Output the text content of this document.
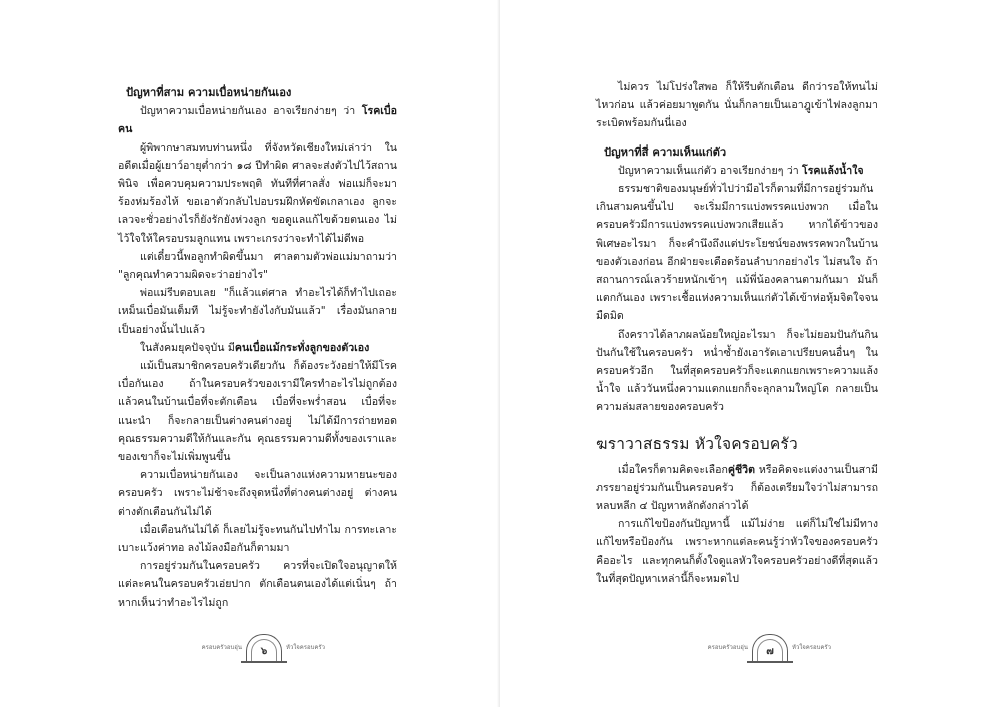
ปัญหาที่สาม ความเบื่อหน่ายกันเอง

ปัญหาความเบื่อหน่ายกันเอง อาจเรียกง่ายๆ ว่า โรคเบื่อคน

ผู้พิพากษาสมทบท่านหนึ่ง ที่จังหวัดเชียงใหม่เล่าว่า ในอดีตเมื่อผู้เยาว์อายุต่ำกว่า ๑๘ ปีทำผิด ศาลจะส่งตัวไปไว้สถานพินิจ เพื่อควบคุมความประพฤติ ทันทีที่ศาลสั่ง พ่อแม่ก็จะมาร้องห่มร้องไห้ ขอเอาตัวกลับไปอบรมฝึกหัดขัดเกลาเอง ลูกจะเลวจะชั่วอย่างไรก็ยังรักยังห่วงลูก ขอดูแลแก้ไขด้วยตนเอง ไม่ไว้ใจให้ใครอบรมลูกแทน เพราะเกรงว่าจะทำได้ไม่ดีพอ

แต่เดี๋ยวนี้พอลูกทำผิดขึ้นมา ศาลตามตัวพ่อแม่มาถามว่า "ลูกคุณทำความผิดจะว่าอย่างไร"

พ่อแม่รีบตอบเลย "ก็แล้วแต่ศาล ทำอะไรได้ก็ทำไปเถอะ เหม็นเบื่อมันเต็มที ไม่รู้จะทำยังไงกับมันแล้ว" เรื่องมันกลายเป็นอย่างนั้นไปแล้ว

ในสังคมยุคปัจจุบัน มีคนเบื่อแม้กระทั่งลูกของตัวเอง

แม้เป็นสมาชิกครอบครัวเดียวกัน ก็ต้องระวังอย่าให้มีโรคเบื่อกันเอง ถ้าในครอบครัวของเรามีใครทำอะไรไม่ถูกต้อง แล้วคนในบ้านเบื่อที่จะตักเตือน เบื่อที่จะพร่ำสอน เบื่อที่จะแนะนำ ก็จะกลายเป็นต่างคนต่างอยู่ ไม่ได้มีการถ่ายทอดคุณธรรมความดีให้กันและกัน คุณธรรมความดีทั้งของเราและของเขาก็จะไม่เพิ่มพูนขึ้น

ความเบื่อหน่ายกันเอง จะเป็นลางแห่งความหายนะของครอบครัว เพราะไม่ช้าจะถึงจุดหนึ่งที่ต่างคนต่างอยู่ ต่างคนต่างตักเตือนกันไม่ได้

เมื่อเตือนกันไม่ได้ ก็เลยไม่รู้จะทนกันไปทำไม การทะเลาะเบาะแว้งค่าทอ ลงไม้ลงมือกันก็ตามมา

การอยู่ร่วมกันในครอบครัว ควรที่จะเปิดใจอนุญาตให้แต่ละคนในครอบครัวเอ่ยปาก ตักเตือนตนเองได้แต่เนิ่นๆ ถ้าหากเห็นว่าทำอะไรไม่ถูก

ครอบครัวอบอุ่น	๖	หัวใจครอบครัว

ไม่ควร ไม่โปร่งใสพอ ก็ให้รีบตักเตือน ดีกว่ารอให้ทนไม่ไหวก่อน แล้วค่อยมาพูดกัน นั่นก็กลายเป็นเอาฎูเข้าไฟลงลูกมาระเบิดพร้อมกันนี่เอง

ปัญหาที่สี่ ความเห็นแก่ตัว

ปัญหาความเห็นแก่ตัว อาจเรียกง่ายๆ ว่า โรคแล้งน้ำใจ

ธรรมชาติของมนุษย์ทั่วไปว่ามีอไรก็ตามที่มีการอยู่ร่วมกันเกินสามคนขึ้นไป จะเริ่มมีการแบ่งพรรคแบ่งพวก เมื่อในครอบครัวมีการแบ่งพรรคแบ่งพวกเสียแล้ว หากได้ข้าวของพิเศษอะไรมา ก็จะคำนึงถึงแต่ประโยชน์ของพรรคพวกในบ้านของตัวเองก่อน อีกฝ่ายจะเดือดร้อนลำบากอย่างไร ไม่สนใจ ถ้าสถานการณ์เลวร้ายหนักเข้าๆ แม้พี่น้องคลานตามกันมา มันก็แตกกันเอง เพราะเชื้อแห่งความเห็นแก่ตัวได้เข้าห่อหุ้มจิตใจจนมืดมิด

ถึงคราวได้ลาภผลน้อยใหญ่อะไรมา ก็จะไม่ยอมปันกันกินปันกันใช้ในครอบครัว หน่ำซ้ำยังเอารัดเอาเปรียบคนอื่นๆ ในครอบครัวอีก ในที่สุดครอบครัวก็จะแตกแยกเพราะความแล้งน้ำใจ แล้ววันหนึ่งความแตกแยกก็จะลุกลามใหญ่โต กลายเป็นความล่มสลายของครอบครัว

ฆราวาสธรรม หัวใจครอบครัว

เมื่อใครก็ตามคิดจะเลือกคู่ชีวิต หรือคิดจะแต่งงานเป็นสามีภรรยาอยู่ร่วมกันเป็นครอบครัว ก็ต้องเตรียมใจว่าไม่สามารถหลบหลีก ๔ ปัญหาหลักดังกล่าวได้

การแก้ไขป้องกันปัญหานี้ แม้ไม่ง่าย แต่ก็ไม่ใช่ไม่มีทางแก้ไขหรือป้องกัน เพราะหากแต่ละคนรู้ว่าหัวใจของครอบครัวคืออะไร และทุกคนก็ตั้งใจดูแลหัวใจครอบครัวอย่างดีที่สุดแล้ว ในที่สุดปัญหาเหล่านี้ก็จะหมดไป

ครอบครัวอบอุ่น	๗	หัวใจครอบครัว
